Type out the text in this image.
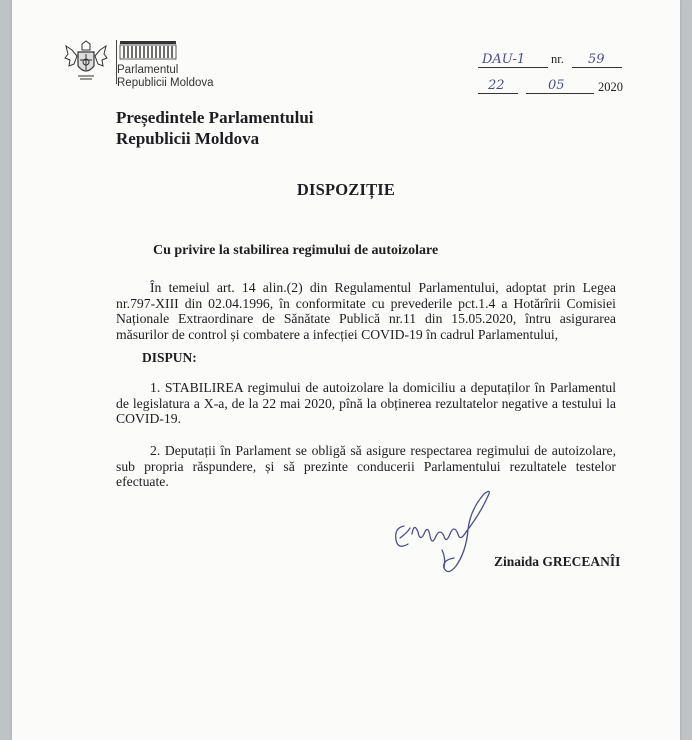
Parlamentul
Republicii Moldova
DAU-1	nr.	59
22	05	2020
Președintele Parlamentului
Republicii Moldova
DISPOZIȚIE
Cu privire la stabilirea regimului de autoizolare
În temeiul art. 14 alin.(2) din Regulamentul Parlamentului, adoptat prin Legea nr.797-XIII din 02.04.1996, în conformitate cu prevederile pct.1.4 a Hotărîrii Comisiei Naționale Extraordinare de Sănătate Publică nr.11 din 15.05.2020, întru asigurarea măsurilor de control și combatere a infecției COVID-19 în cadrul Parlamentului,
DISPUN:
1. STABILIREA regimului de autoizolare la domiciliu a deputaților în Parlamentul de legislatura a X-a, de la 22 mai 2020, pînă la obținerea rezultatelor negative a testului la COVID-19.
2. Deputații în Parlament se obligă să asigure respectarea regimului de autoizolare, sub propria răspundere, și să prezinte conducerii Parlamentului rezultatele testelor efectuate.
Zinaida GRECEANÎI
